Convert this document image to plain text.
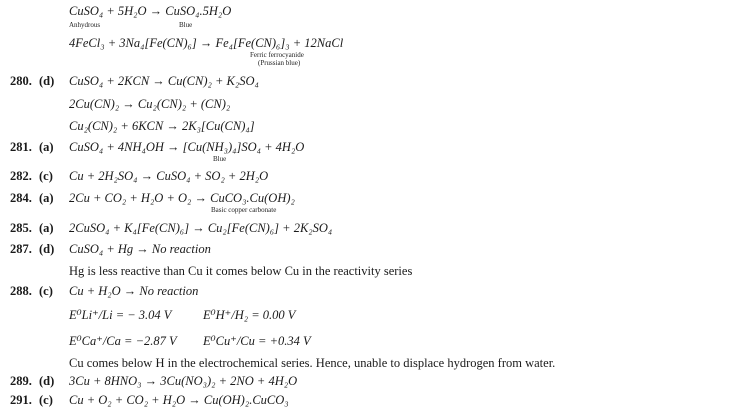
CuSO₄ + 5H₂O → CuSO₄.5H₂O
Anhydrous	Blue
4FeCl₃ + 3Na₄[Fe(CN)₆] → Fe₄[Fe(CN)₆]₃ + 12NaCl
Ferric ferrocyanide
(Prussian blue)
280. (d) CuSO₄ + 2KCN → Cu(CN)₂ + K₂SO₄
2Cu(CN)₂ → Cu₂(CN)₂ + (CN)₂
Cu₂(CN)₂ + 6KCN → 2K₃[Cu(CN)₄]
281. (a) CuSO₄ + 4NH₄OH → [Cu(NH₃)₄]SO₄ + 4H₂O
Blue
282. (c) Cu + 2H₂SO₄ → CuSO₄ + SO₂ + 2H₂O
284. (a) 2Cu + CO₂ + H₂O + O₂ → CuCO₃.Cu(OH)₂
Basic copper carbonate
285. (a) 2CuSO₄ + K₄[Fe(CN)₆] → Cu₂[Fe(CN)₆] + 2K₂SO₄
287. (d) CuSO₄ + Hg → No reaction
Hg is less reactive than Cu it comes below Cu in the reactivity series
288. (c) Cu + H₂O → No reaction
E⁰Li⁺/Li = − 3.04 V	E⁰H⁺/H₂ = 0.00 V
E⁰Ca⁺/Ca = −2.87 V E⁰Cu⁺/Cu = +0.34 V
Cu comes below H in the electrochemical series. Hence, unable to displace hydrogen from water.
289. (d) 3Cu + 8HNO₃ → 3Cu(NO₃)₂ + 2NO + 4H₂O
291. (c) Cu + O₂ + CO₂ + H₂O → Cu(OH)₂.CuCO₃
